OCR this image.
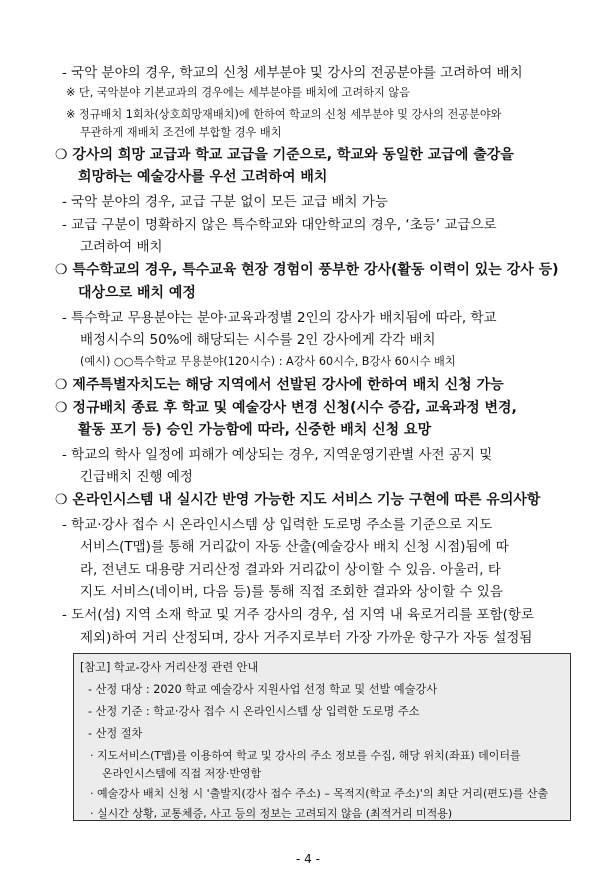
- 국악 분야의 경우, 학교의 신청 세부분야 및 강사의 전공분야를 고려하여 배치
※ 단, 국악분야 기본교과의 경우에는 세부분야를 배치에 고려하지 않음
※ 정규배치 1회차(상호희망재배치)에 한하여 학교의 신청 세부분야 및 강사의 전공분야와
무관하게 재배치 조건에 부합할 경우 배치
❍ 강사의 희망 교급과 학교 교급을 기준으로, 학교와 동일한 교급에 출강을
희망하는 예술강사를 우선 고려하여 배치
- 국악 분야의 경우, 교급 구분 없이 모든 교급 배치 가능
- 교급 구분이 명확하지 않은 특수학교와 대안학교의 경우, ‘초등’ 교급으로
고려하여 배치
❍ 특수학교의 경우, 특수교육 현장 경험이 풍부한 강사(활동 이력이 있는 강사 등)
대상으로 배치 예정
- 특수학교 무용분야는 분야‧교육과정별 2인의 강사가 배치됨에 따라, 학교
배정시수의 50%에 해당되는 시수를 2인 강사에게 각각 배치
(예시) ○○특수학교 무용분야(120시수) : A강사 60시수, B강사 60시수 배치
❍ 제주특별자치도는 해당 지역에서 선발된 강사에 한하여 배치 신청 가능
❍ 정규배치 종료 후 학교 및 예술강사 변경 신청(시수 증감, 교육과정 변경,
활동 포기 등) 승인 가능함에 따라, 신중한 배치 신청 요망
- 학교의 학사 일정에 피해가 예상되는 경우, 지역운영기관별 사전 공지 및
긴급배치 진행 예정
❍ 온라인시스템 내 실시간 반영 가능한 지도 서비스 기능 구현에 따른 유의사항
- 학교‧강사 접수 시 온라인시스템 상 입력한 도로명 주소를 기준으로 지도
서비스(T맵)를 통해 거리값이 자동 산출(예술강사 배치 신청 시점)됨에 따
라, 전년도 대용량 거리산정 결과와 거리값이 상이할 수 있음. 아울러, 타
지도 서비스(네이버, 다음 등)를 통해 직접 조회한 결과와 상이할 수 있음
- 도서(섬) 지역 소재 학교 및 거주 강사의 경우, 섬 지역 내 육로거리를 포함(항로
제외)하여 거리 산정되며, 강사 거주지로부터 가장 가까운 항구가 자동 설정됨
[참고] 학교-강사 거리산정 관련 안내
- 산정 대상 : 2020 학교 예술강사 지원사업 선정 학교 및 선발 예술강사
- 산정 기준 : 학교·강사 접수 시 온라인시스템 상 입력한 도로명 주소
- 산정 절차
· 지도서비스(T맵)를 이용하여 학교 및 강사의 주소 정보를 수집, 해당 위치(좌표) 데이터를
온라인시스템에 직접 저장·반영함
· 예술강사 배치 신청 시 '출발지(강사 접수 주소) – 목적지(학교 주소)'의 최단 거리(편도)를 산출
· 실시간 상황, 교통체증, 사고 등의 정보는 고려되지 않음 (최적거리 미적용)
- 4 -
